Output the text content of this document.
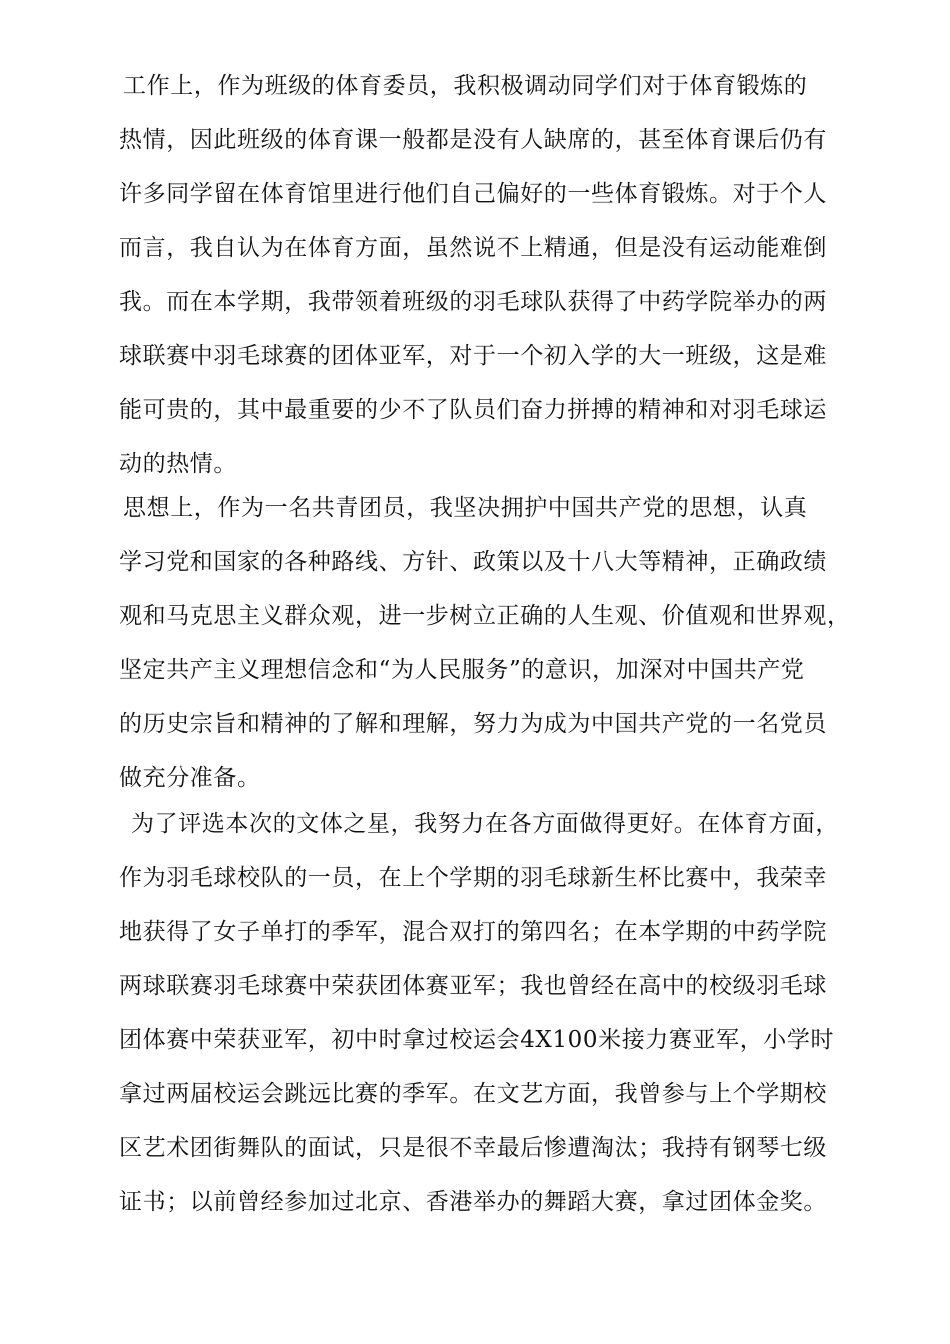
工作上，作为班级的体育委员，我积极调动同学们对于体育锻炼的
热情，因此班级的体育课一般都是没有人缺席的，甚至体育课后仍有
许多同学留在体育馆里进行他们自己偏好的一些体育锻炼。对于个人
而言，我自认为在体育方面，虽然说不上精通，但是没有运动能难倒
我。而在本学期，我带领着班级的羽毛球队获得了中药学院举办的两
球联赛中羽毛球赛的团体亚军，对于一个初入学的大一班级，这是难
能可贵的，其中最重要的少不了队员们奋力拼搏的精神和对羽毛球运
动的热情。
思想上，作为一名共青团员，我坚决拥护中国共产党的思想，认真
学习党和国家的各种路线、方针、政策以及十八大等精神，正确政绩
观和马克思主义群众观，进一步树立正确的人生观、价值观和世界观，
坚定共产主义理想信念和“为人民服务”的意识，加深对中国共产党
的历史宗旨和精神的了解和理解，努力为成为中国共产党的一名党员
做充分准备。
为了评选本次的文体之星，我努力在各方面做得更好。在体育方面，
作为羽毛球校队的一员，在上个学期的羽毛球新生杯比赛中，我荣幸
地获得了女子单打的季军，混合双打的第四名；在本学期的中药学院
两球联赛羽毛球赛中荣获团体赛亚军；我也曾经在高中的校级羽毛球
团体赛中荣获亚军，初中时拿过校运会4X100米接力赛亚军，小学时
拿过两届校运会跳远比赛的季军。在文艺方面，我曾参与上个学期校
区艺术团街舞队的面试，只是很不幸最后惨遭淘汰；我持有钢琴七级
证书；以前曾经参加过北京、香港举办的舞蹈大赛，拿过团体金奖。
